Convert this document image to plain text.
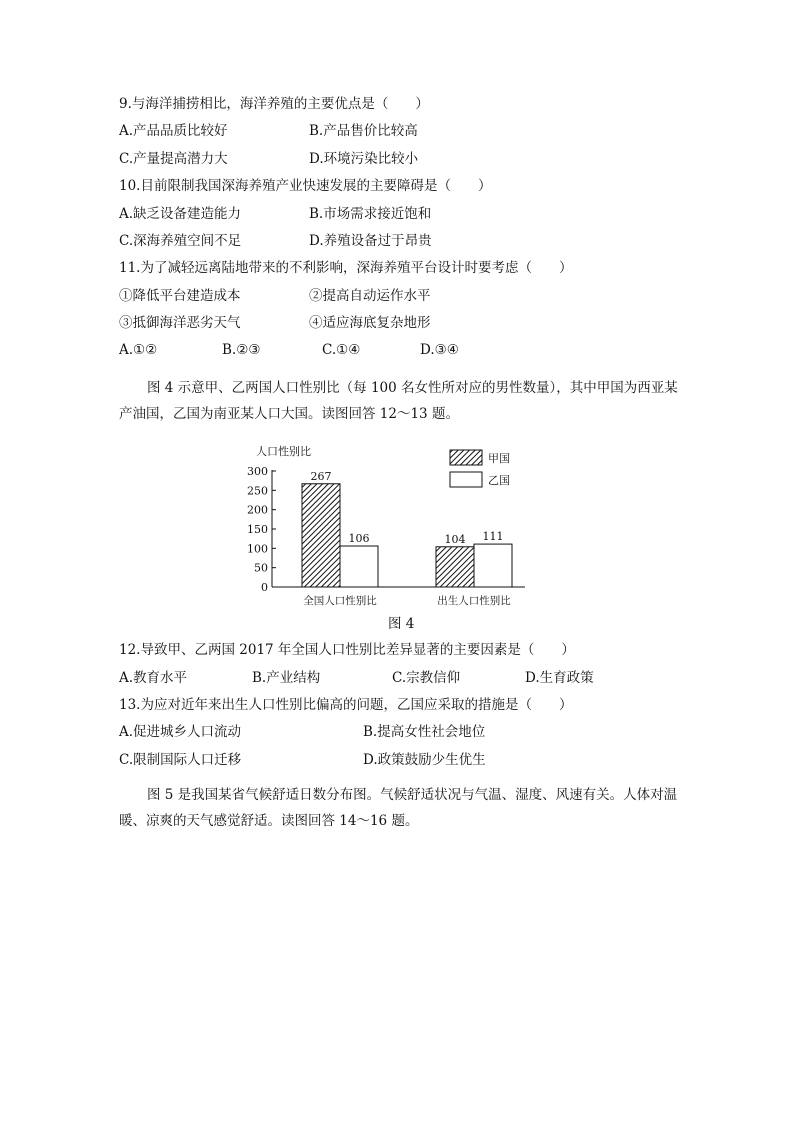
9.与海洋捕捞相比，海洋养殖的主要优点是（　　）
A.产品品质比较好	B.产品售价比较高
C.产量提高潜力大	D.环境污染比较小
10.目前限制我国深海养殖产业快速发展的主要障碍是（　　）
A.缺乏设备建造能力	B.市场需求接近饱和
C.深海养殖空间不足	D.养殖设备过于昂贵
11.为了减轻远离陆地带来的不利影响，深海养殖平台设计时要考虑（　　）
①降低平台建造成本	②提高自动运作水平
③抵御海洋恶劣天气	④适应海底复杂地形
A.①②	B.②③	C.①④	D.③④
图 4 示意甲、乙两国人口性别比（每 100 名女性所对应的男性数量），其中甲国为西亚某产油国，乙国为南亚某人口大国。读图回答 12～13 题。
人口性别比
0
50
100
150
200
250
300	267
106
全国人口性别比
104 111
出生人口性别比
甲国
乙国
图 4
12.导致甲、乙两国 2017 年全国人口性别比差异显著的主要因素是（　　）
A.教育水平	B.产业结构	C.宗教信仰	D.生育政策
13.为应对近年来出生人口性别比偏高的问题，乙国应采取的措施是（　　）
A.促进城乡人口流动	B.提高女性社会地位
C.限制国际人口迁移	D.政策鼓励少生优生
图 5 是我国某省气候舒适日数分布图。气候舒适状况与气温、湿度、风速有关。人体对温暖、凉爽的天气感觉舒适。读图回答 14～16 题。
